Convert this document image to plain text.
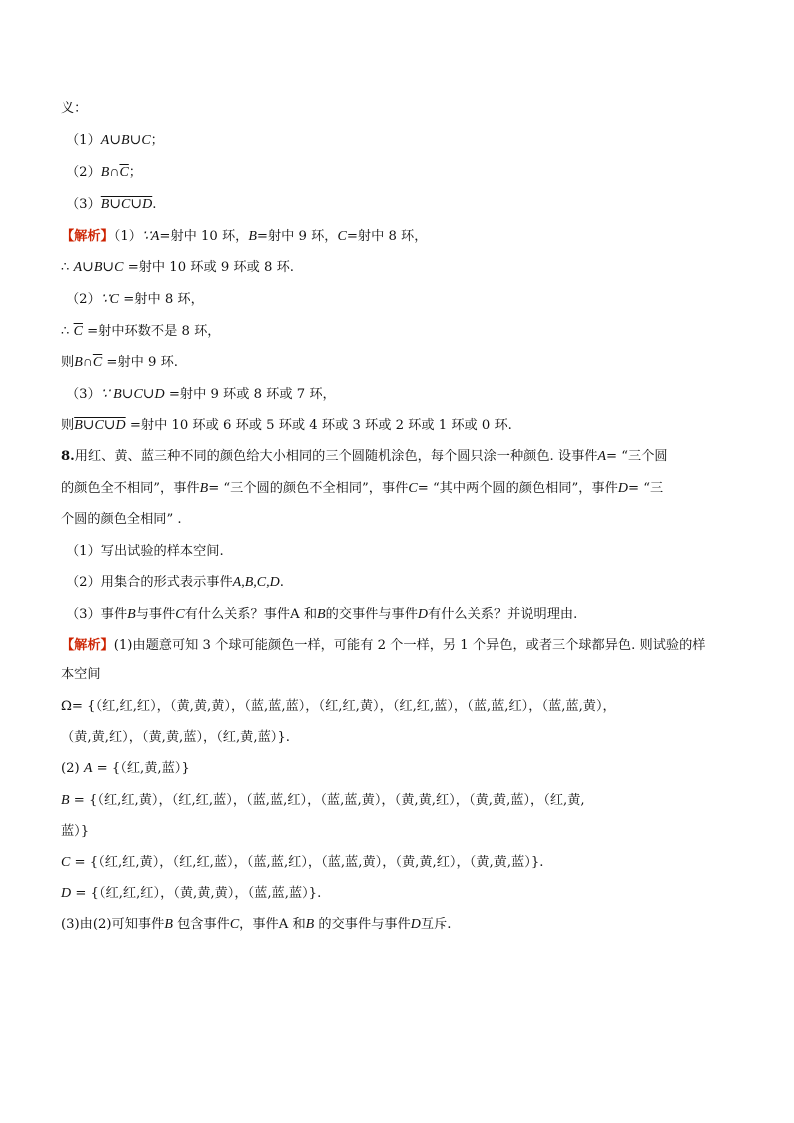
义：
（1）A∪B∪C；
$(2)B\cap\overline{C}$；
（3）B∪C∪D.
【解析】（1）∵A=射中 10 环，B=射中 9 环，C=射中 8 环，
∴ A∪B∪C =射中 10 环或 9 环或 8 环.
（2）∵C =射中 8 环，
∴ $\overline{C}$ =射中环数不是 8 环，
则$B\cap\overline{C}$ =射中 9 环.
（3）∵ B∪C∪D =射中 9 环或 8 环或 7 环，
则B∪C∪D =射中 10 环或 6 环或 5 环或 4 环或 3 环或 2 环或 1 环或 0 环.
8.用红、黄、蓝三种不同的颜色给大小相同的三个圆随机涂色，每个圆只涂一种颜色. 设事件A= “三个圆
的颜色全不相同”，事件B= “三个圆的颜色不全相同”，事件C= “其中两个圆的颜色相同”，事件D= “三
个圆的颜色全相同” .
（1）写出试验的样本空间.
（2）用集合的形式表示事件A,B,C,D.
（3）事件B与事件C有什么关系？事件A 和B的交事件与事件D有什么关系？并说明理由.
【解析】(1)由题意可知 3 个球可能颜色一样，可能有 2 个一样，另 1 个异色，或者三个球都异色. 则试验的样
本空间
Ω= {（红,红,红），（黄,黄,黄），（蓝,蓝,蓝），（红,红,黄），（红,红,蓝），（蓝,蓝,红），（蓝,蓝,黄），
（黄,黄,红），（黄,黄,蓝），（红,黄,蓝）}.
(2) A = {（红,黄,蓝）}
B = {（红,红,黄），（红,红,蓝），（蓝,蓝,红），（蓝,蓝,黄），（黄,黄,红），（黄,黄,蓝），（红,黄,
蓝）}
C = {（红,红,黄），（红,红,蓝），（蓝,蓝,红），（蓝,蓝,黄），（黄,黄,红），（黄,黄,蓝）}.
D = {（红,红,红），（黄,黄,黄），（蓝,蓝,蓝）}.
(3)由(2)可知事件B 包含事件C，事件A 和B 的交事件与事件D互斥.
